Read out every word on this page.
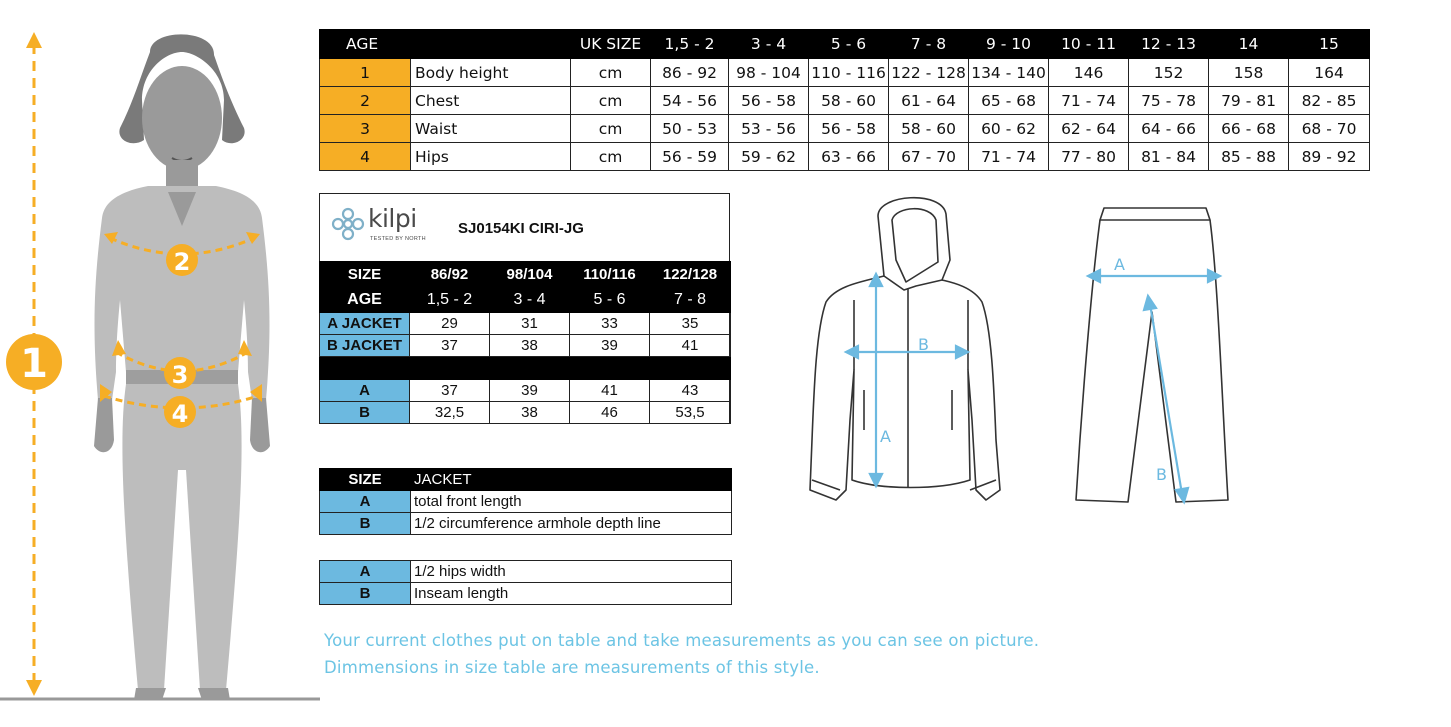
1
2
3
4
AGE		UK SIZE	1,5 - 2	3 - 4	5 - 6	7 - 8	9 - 10	10 - 11	12 - 13	14	15
1	Body height	cm	86 - 92	98 - 104	110 - 116	122 - 128	134 - 140	146	152	158	164
2	Chest	cm	54 - 56	56 - 58	58 - 60	61 - 64	65 - 68	71 - 74	75 - 78	79 - 81	82 - 85
3	Waist	cm	50 - 53	53 - 56	56 - 58	58 - 60	60 - 62	62 - 64	64 - 66	66 - 68	68 - 70
4	Hips	cm	56 - 59	59 - 62	63 - 66	67 - 70	71 - 74	77 - 80	81 - 84	85 - 88	89 - 92
kilpi
TESTED BY NORTH
SJ0154KI CIRI-JG
SIZE	86/92	98/104	110/116	122/128
AGE	1,5 - 2	3 - 4	5 - 6	7 - 8
A JACKET	29	31	33	35
B JACKET	37	38	39	41

A	37	39	41	43
B	32,5	38	46	53,5
SIZE	JACKET
A	total front length
B	1/2 circumference armhole depth line
A	1/2 hips width
B	Inseam length
A
B
A
B
Your current clothes put on table and take measurements as you can see on picture.
Dimmensions in size table are measurements of this style.
